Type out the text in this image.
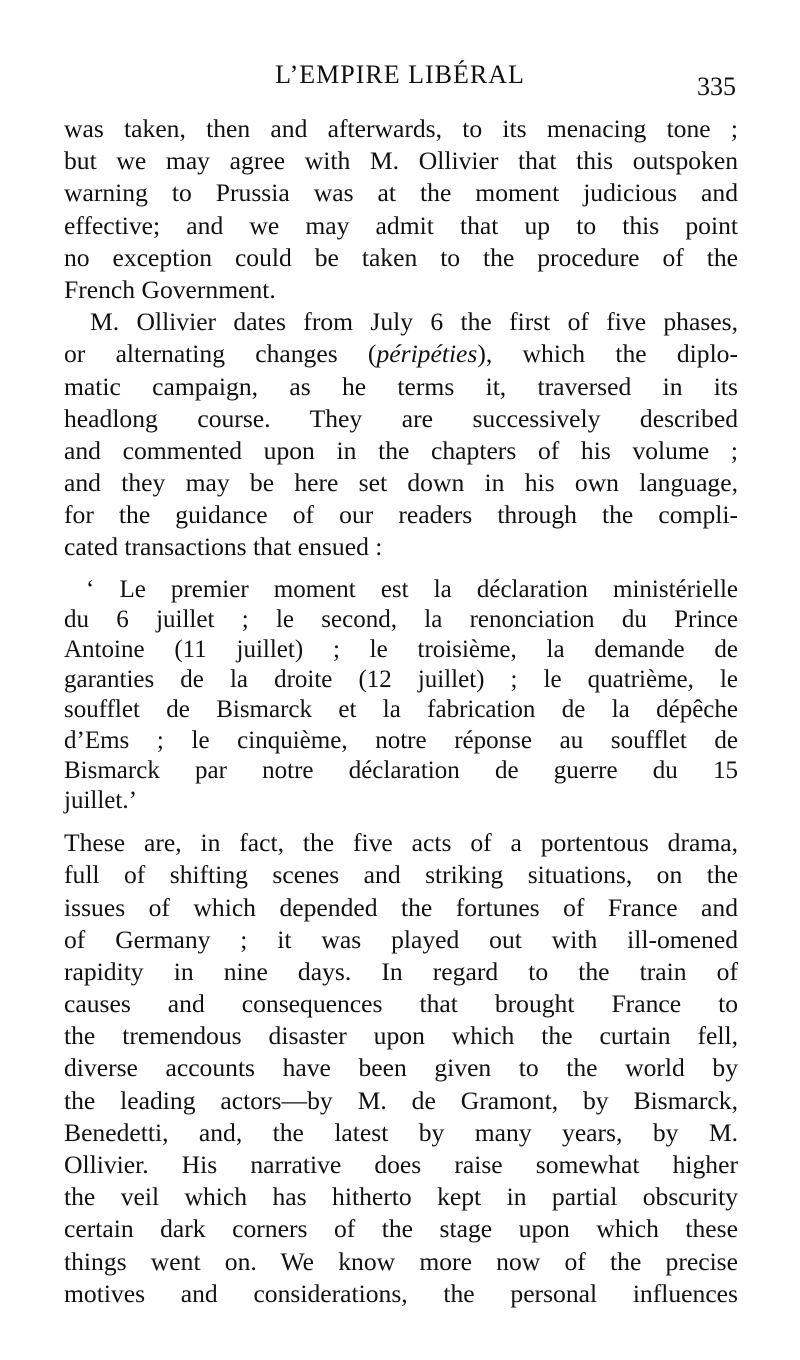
L’EMPIRE LIBÉRAL	335
was taken, then and afterwards, to its menacing tone ;
but we may agree with M. Ollivier that this outspoken
warning to Prussia was at the moment judicious and
effective; and we may admit that up to this point
no exception could be taken to the procedure of the
French Government.
M. Ollivier dates from July 6 the first of five phases,
or alternating changes (péripéties), which the diplo-
matic campaign, as he terms it, traversed in its
headlong course. They are successively described
and commented upon in the chapters of his volume ;
and they may be here set down in his own language,
for the guidance of our readers through the compli-
cated transactions that ensued :
‘ Le premier moment est la déclaration ministérielle
du 6 juillet ; le second, la renonciation du Prince
Antoine (11 juillet) ; le troisième, la demande de
garanties de la droite (12 juillet) ; le quatrième, le
soufflet de Bismarck et la fabrication de la dépêche
d’Ems ; le cinquième, notre réponse au soufflet de
Bismarck par notre déclaration de guerre du 15
juillet.’
These are, in fact, the five acts of a portentous drama,
full of shifting scenes and striking situations, on the
issues of which depended the fortunes of France and
of Germany ; it was played out with ill-omened
rapidity in nine days. In regard to the train of
causes and consequences that brought France to
the tremendous disaster upon which the curtain fell,
diverse accounts have been given to the world by
the leading actors—by M. de Gramont, by Bismarck,
Benedetti, and, the latest by many years, by M.
Ollivier. His narrative does raise somewhat higher
the veil which has hitherto kept in partial obscurity
certain dark corners of the stage upon which these
things went on. We know more now of the precise
motives and considerations, the personal influences
